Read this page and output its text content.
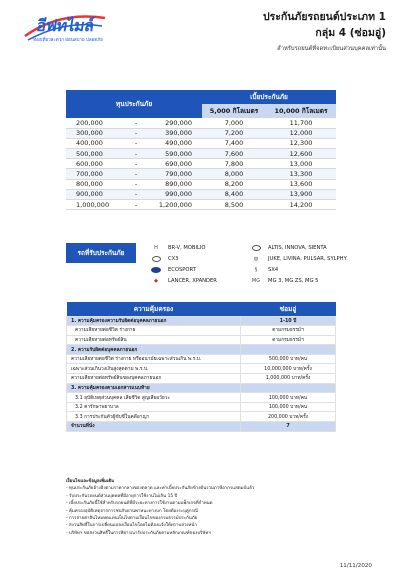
อีฟทไมล์
ท่องเที่ยวสะดวก ผ่อนสบาย ปลอดภัย
ประกันภัยรถยนต์ประเภท 1
กลุ่ม 4 (ซ่อมอู่)
สำหรับรถยนต์ที่จดทะเบียนส่วนบุคคลเท่านั้น
ทุนประกันภัย			เบี้ยประกันภัย	
			5,000 กิโลเมตร	10,000 กิโลเมตร
200,000	-	290,000	7,000	11,700
300,000	-	390,000	7,200	12,000
400,000	-	490,000	7,400	12,300
500,000	-	590,000	7,600	12,600
600,000	-	690,000	7,800	13,000
700,000	-	790,000	8,000	13,300
800,000	-	890,000	8,200	13,600
900,000	-	990,000	8,400	13,900
1,000,000	-	1,200,000	8,500	14,200
รถที่รับประกันภัย
H	BR-V, MOBILIO	ALTIS, INNOVA, SIENTA
CX3	◍	JUKE, LIVINA, PULSAR, SYLPHY
ECOSPORT	§	SX4
◆	LANCER, XPANDER	MG	MG 3, MG ZS, MG 5
ความคุ้มครอง	ซ่อมอู่
1. ความคุ้มครองความรับผิดต่อบุคคลภายนอก	1-10 ปี
ความเสียหายต่อชีวิต ร่างกาย	ตามกรมธรรม์ฯ
ความเสียหายต่อทรัพย์สิน	ตามกรมธรรม์ฯ
2. ความรับผิดต่อบุคคลภายนอก	
ความเสียหายต่อชีวิต ร่างกาย หรืออนามัยเฉพาะส่วนเกิน พ.ร.บ.	500,000 บาท/คน
เฉพาะส่วนเกินวงเงินสูงสุดตาม พ.ร.บ.	10,000,000 บาท/ครั้ง
ความเสียหายต่อทรัพย์สินของบุคคลภายนอก	1,000,000 บาท/ครั้ง
3. ความคุ้มครองตามเอกสารแนบท้าย	
3.1 อุบัติเหตุส่วนบุคคล เสียชีวิต สูญเสียอวัยวะ	100,000 บาท/คน
3.2 ค่ารักษาพยาบาล	100,000 บาท/คน
3.3 การประกันตัวผู้ขับขี่ในคดีอาญา	200,000 บาท/ครั้ง
จำนวนที่นั่ง	7
เงื่อนไขและข้อมูลเพิ่มเติม
- ทุนประกันภัยอ้างอิงตามราคากลางของตลาด และค่าเบี้ยประกันภัยข้างต้นรวมภาษีอากรแสตมป์แล้ว
- รับประกันรถยนต์ส่วนบุคคลที่มีอายุการใช้งานไม่เกิน 15 ปี
- เบี้ยประกันภัยนี้ใช้สำหรับรถยนต์ที่มีระยะทางการใช้งานตามแพ็กเกจที่กำหนด
- คุ้มครองอุบัติเหตุจากการชนกับยานพาหนะทางบก โดยต้องระบุคู่กรณี
- การจ่ายค่าสินไหมทดแทนเป็นไปตามเงื่อนไขของกรมธรรม์ประกันภัย
- สงวนสิทธิ์ในการเปลี่ยนแปลงเงื่อนไขโดยไม่ต้องแจ้งให้ทราบล่วงหน้า
- บริษัทฯ ขอสงวนสิทธิ์ในการพิจารณารับประกันภัยตามหลักเกณฑ์ของบริษัทฯ
11/11/2020
